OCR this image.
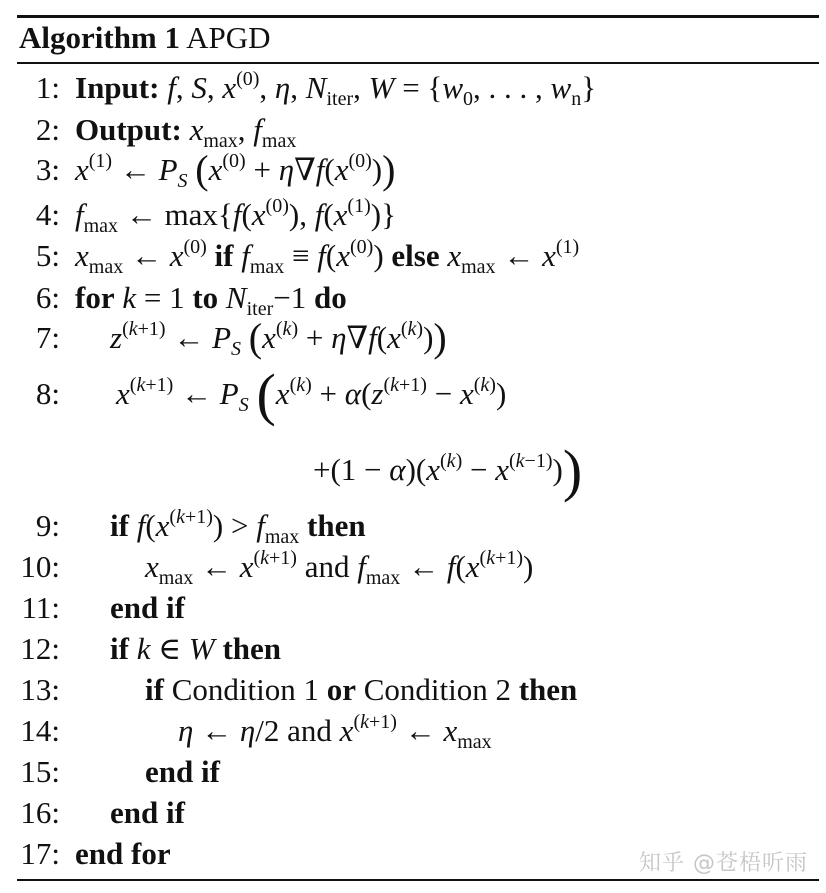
Algorithm 1 APGD
1: Input: f, S, $x^{(0)}$, η, $N_{iter}$, $W = \{w_0$, . . . , $w_n$}
2: Output: $x_{max}$, $f_{max}$
3: $x^{(1)}$ ← $P_S$ $(x^{(0)} + \eta\nabla f(x^{(0)}))$
4: $f_{max}$ ← $\max\{f(x^{(0)})$, $f(x^{(1)})$}
5: $x_{max}$ ← $x^{(0)}$ if $f_{max} \equiv f(x^{(0)})$ else $x_{max}$ ← $x^{(1)}$
6: for k = 1 to $N_{iter}-1$ do
7: $z^{(k+1)}$ ← $P_S$ $(x^{(k)} + \eta\nabla f(x^{(k)}))$
8: $x^{(k+1)}$ ← $P_S$ ($x^{(k)} + \alpha(z^{(k+1)} - x^{(k)})$
$+(1 - \alpha)(x^{(k)} - x^{(k-1)})$)
9: if $f(x^{(k+1)}) > f_{max}$ then
10:	$x_{max}$ ← $x^{(k+1)}$ and $f_{max}$ ← $f(x^{(k+1)})$
11: end if
12: if k ∈ W then
13:	if Condition 1 or Condition 2 then
14:	η ← η/2 and $x^{(k+1)}$ ← $x_{max}$
15:	end if
16: end if
17: end for	知乎 @苍梧听雨
